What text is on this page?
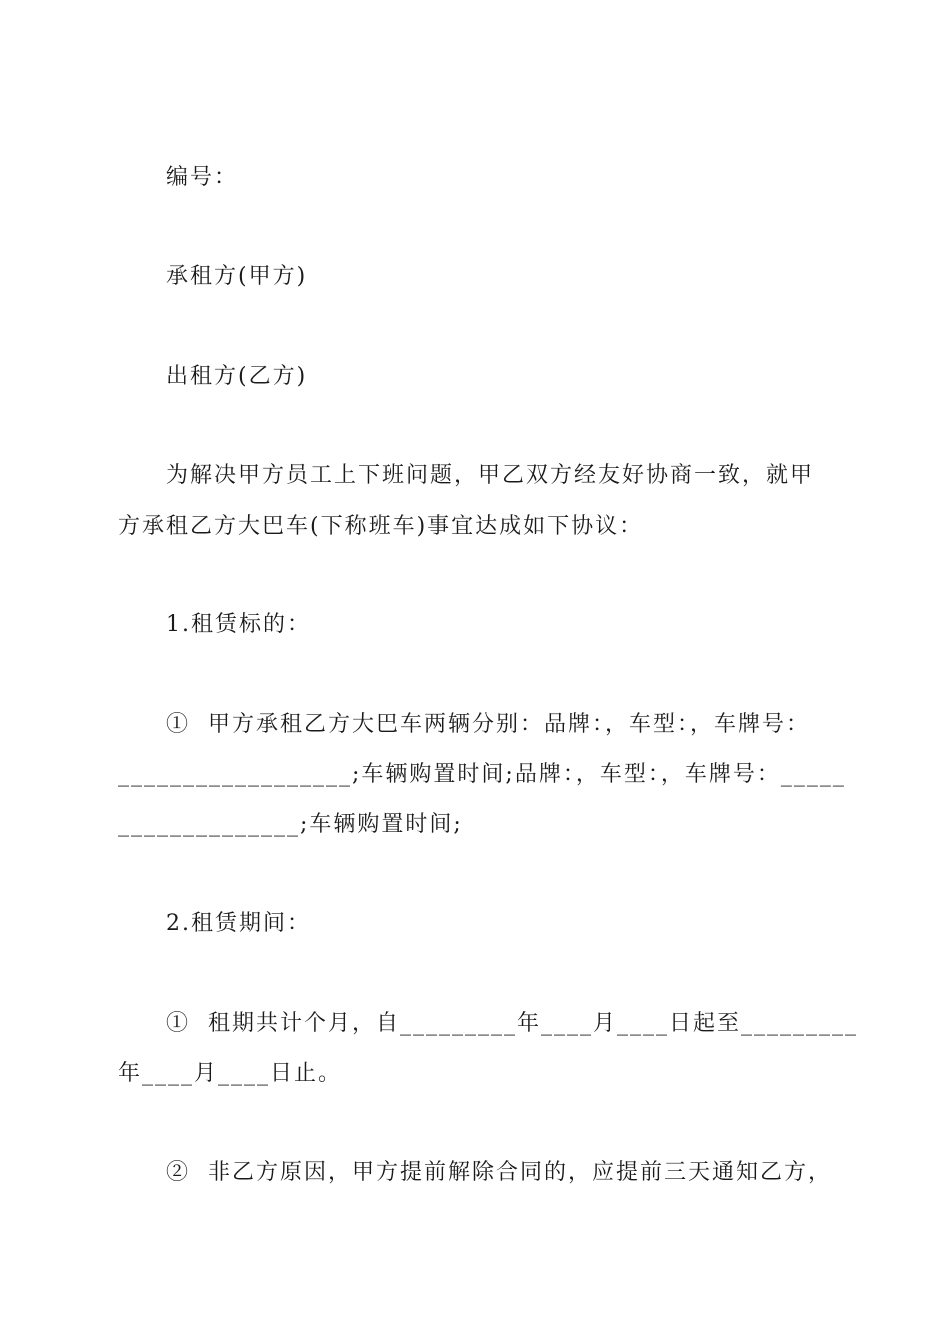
编号：
承租方(甲方)
出租方(乙方)
为解决甲方员工上下班问题，甲乙双方经友好协商一致，就甲
方承租乙方大巴车(下称班车)事宜达成如下协议：
1.租赁标的：
①  甲方承租乙方大巴车两辆分别：品牌：，车型：，车牌号：
__________________;车辆购置时间;品牌：，车型：，车牌号：_____
______________;车辆购置时间;
2.租赁期间：
①  租期共计个月，自_________年____月____日起至_________
年____月____日止。
②  非乙方原因，甲方提前解除合同的，应提前三天通知乙方，
